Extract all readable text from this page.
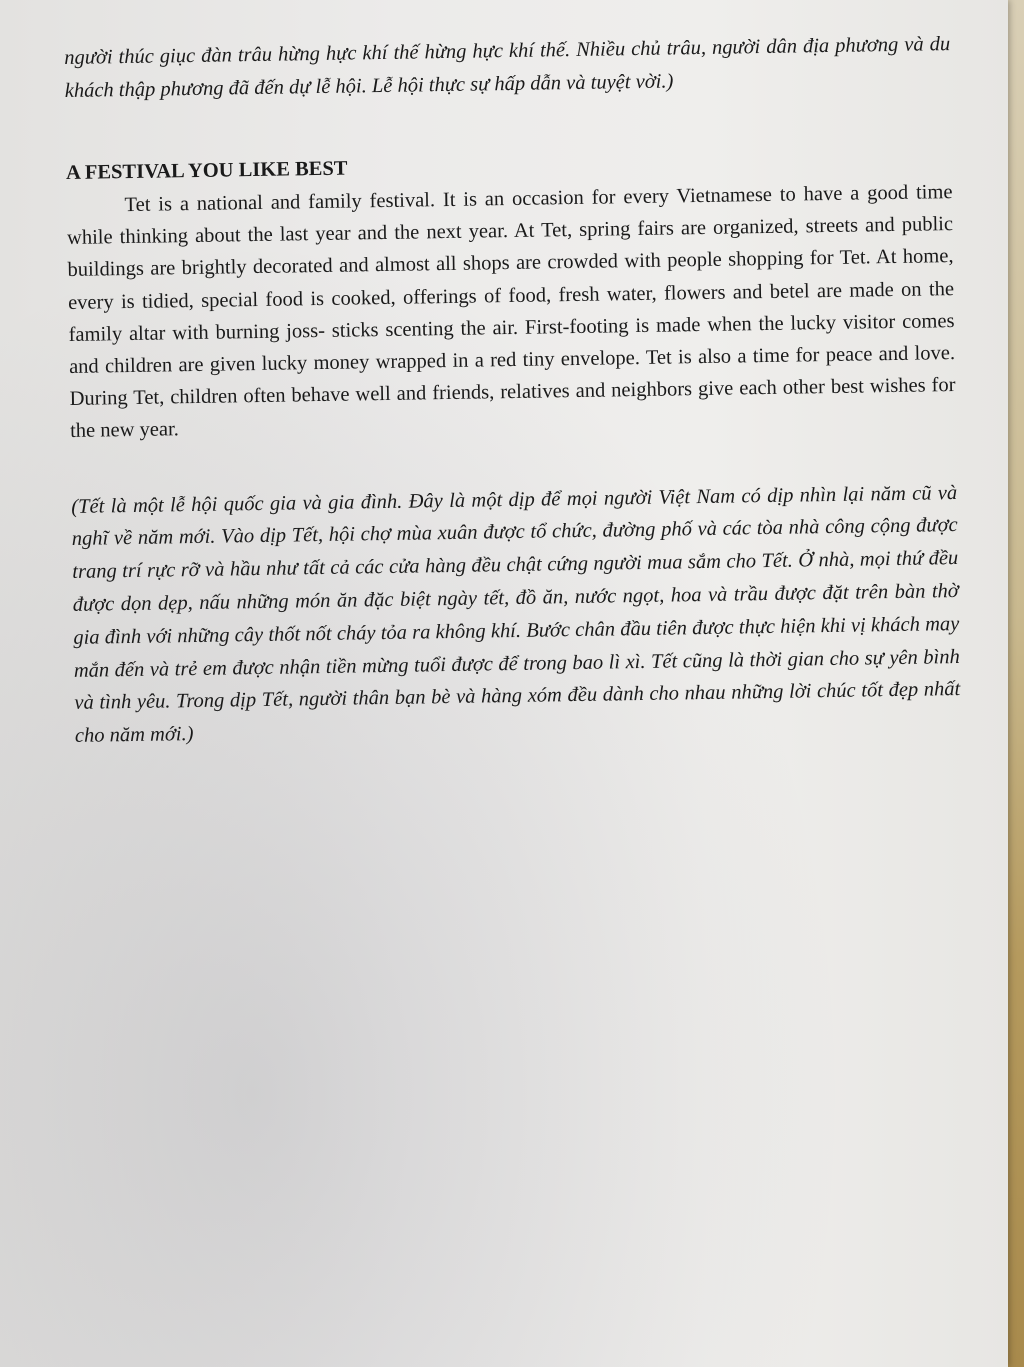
người thúc giục đàn trâu hừng hực khí thế hừng hực khí thế. Nhiều chủ trâu, người dân địa phương và du khách thập phương đã đến dự lễ hội. Lễ hội thực sự hấp dẫn và tuyệt vời.)

A FESTIVAL YOU LIKE BEST

Tet is a national and family festival. It is an occasion for every Vietnamese to have a good time while thinking about the last year and the next year. At Tet, spring fairs are organized, streets and public buildings are brightly decorated and almost all shops are crowded with people shopping for Tet. At home, every is tidied, special food is cooked, offerings of food, fresh water, flowers and betel are made on the family altar with burning joss- sticks scenting the air. First-footing is made when the lucky visitor comes and children are given lucky money wrapped in a red tiny envelope. Tet is also a time for peace and love. During Tet, children often behave well and friends, relatives and neighbors give each other best wishes for the new year.

(Tết là một lễ hội quốc gia và gia đình. Đây là một dịp để mọi người Việt Nam có dịp nhìn lại năm cũ và nghĩ về năm mới. Vào dịp Tết, hội chợ mùa xuân được tổ chức, đường phố và các tòa nhà công cộng được trang trí rực rỡ và hầu như tất cả các cửa hàng đều chật cứng người mua sắm cho Tết. Ở nhà, mọi thứ đều được dọn dẹp, nấu những món ăn đặc biệt ngày tết, đồ ăn, nước ngọt, hoa và trầu được đặt trên bàn thờ gia đình với những cây thốt nốt cháy tỏa ra không khí. Bước chân đầu tiên được thực hiện khi vị khách may mắn đến và trẻ em được nhận tiền mừng tuổi được để trong bao lì xì. Tết cũng là thời gian cho sự yên bình và tình yêu. Trong dịp Tết, người thân bạn bè và hàng xóm đều dành cho nhau những lời chúc tốt đẹp nhất cho năm mới.)
